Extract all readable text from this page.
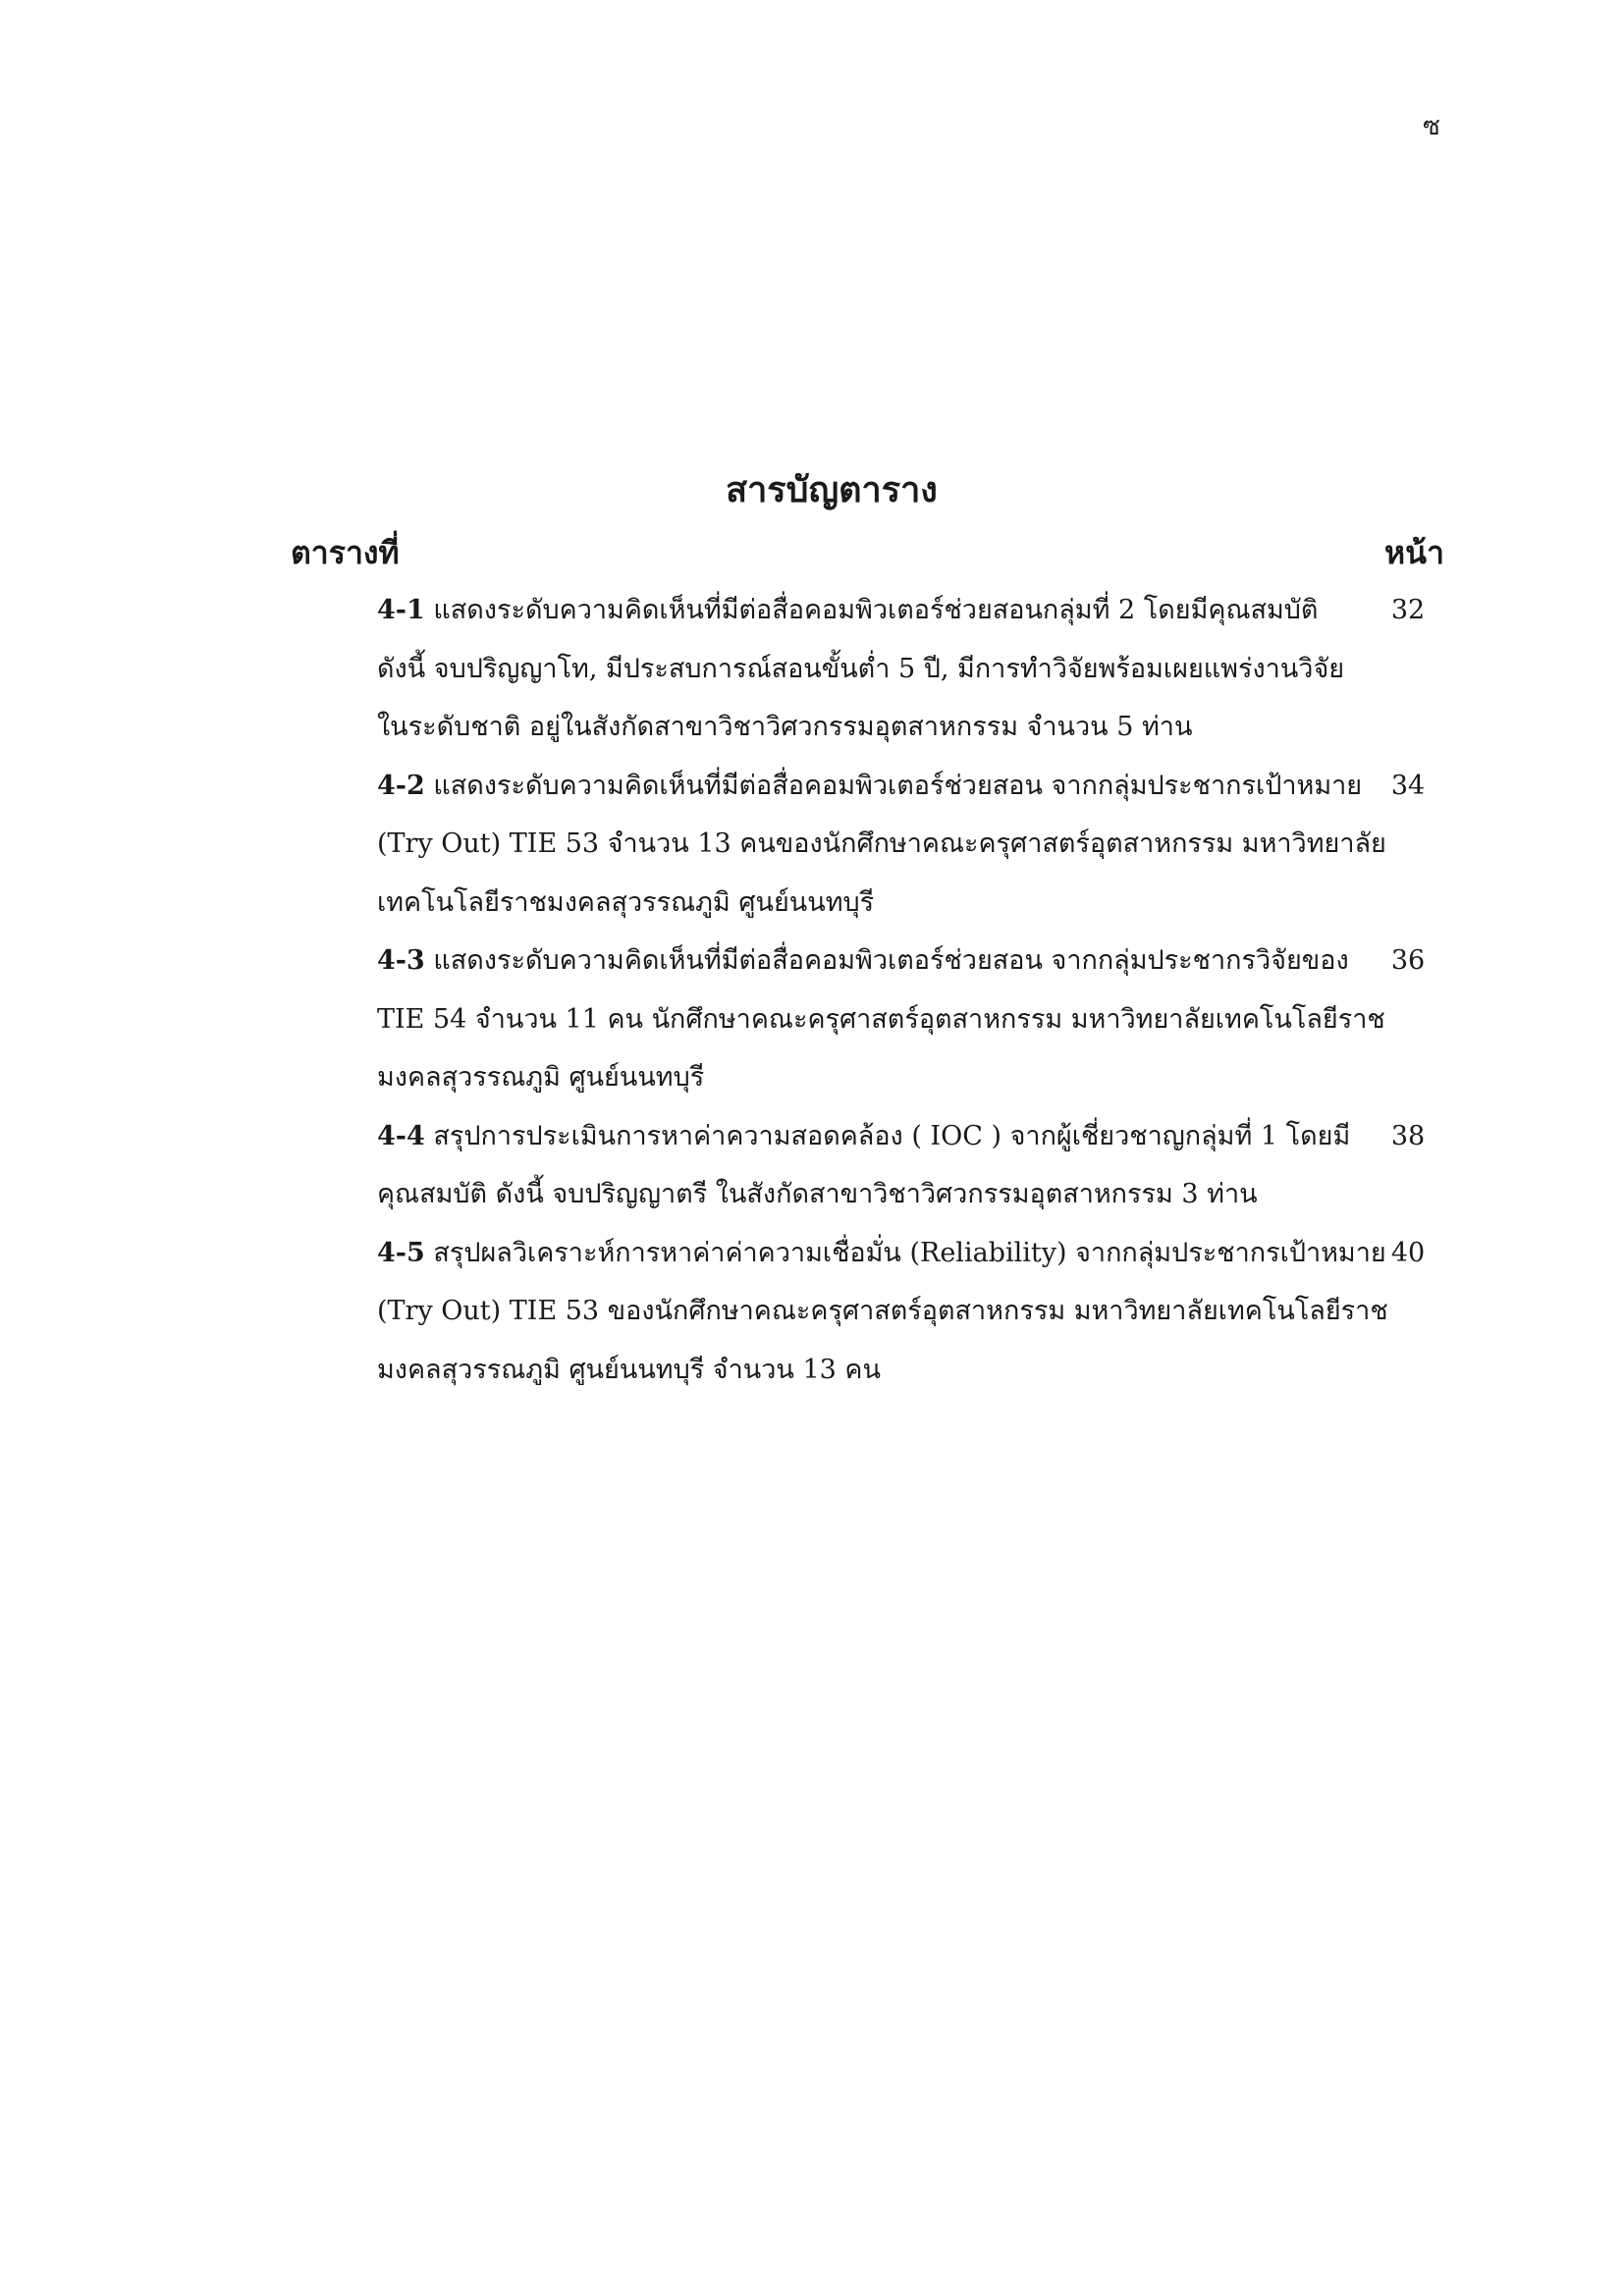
ซ
สารบัญตาราง
ตารางที่	หน้า
4-1 แสดงระดับความคิดเห็นที่มีต่อสื่อคอมพิวเตอร์ช่วยสอนกลุ่มที่ 2 โดยมีคุณสมบัติ
ดังนี้ จบปริญญาโท, มีประสบการณ์สอนขั้นต่ำ 5 ปี, มีการทำวิจัยพร้อมเผยแพร่งานวิจัย
ในระดับชาติ อยู่ในสังกัดสาขาวิชาวิศวกรรมอุตสาหกรรม จำนวน 5 ท่าน
32
4-2 แสดงระดับความคิดเห็นที่มีต่อสื่อคอมพิวเตอร์ช่วยสอน จากกลุ่มประชากรเป้าหมาย
(Try Out) TIE 53 จำนวน 13 คนของนักศึกษาคณะครุศาสตร์อุตสาหกรรม มหาวิทยาลัย
เทคโนโลยีราชมงคลสุวรรณภูมิ ศูนย์นนทบุรี
34
4-3 แสดงระดับความคิดเห็นที่มีต่อสื่อคอมพิวเตอร์ช่วยสอน จากกลุ่มประชากรวิจัยของ
TIE 54 จำนวน 11 คน นักศึกษาคณะครุศาสตร์อุตสาหกรรม มหาวิทยาลัยเทคโนโลยีราช
มงคลสุวรรณภูมิ ศูนย์นนทบุรี
36
4-4 สรุปการประเมินการหาค่าความสอดคล้อง ( IOC ) จากผู้เชี่ยวชาญกลุ่มที่ 1 โดยมี
คุณสมบัติ ดังนี้ จบปริญญาตรี ในสังกัดสาขาวิชาวิศวกรรมอุตสาหกรรม 3 ท่าน
38
4-5 สรุปผลวิเคราะห์การหาค่าค่าความเชื่อมั่น (Reliability) จากกลุ่มประชากรเป้าหมาย
(Try Out) TIE 53 ของนักศึกษาคณะครุศาสตร์อุตสาหกรรม มหาวิทยาลัยเทคโนโลยีราช
มงคลสุวรรณภูมิ ศูนย์นนทบุรี จำนวน 13 คน
40
